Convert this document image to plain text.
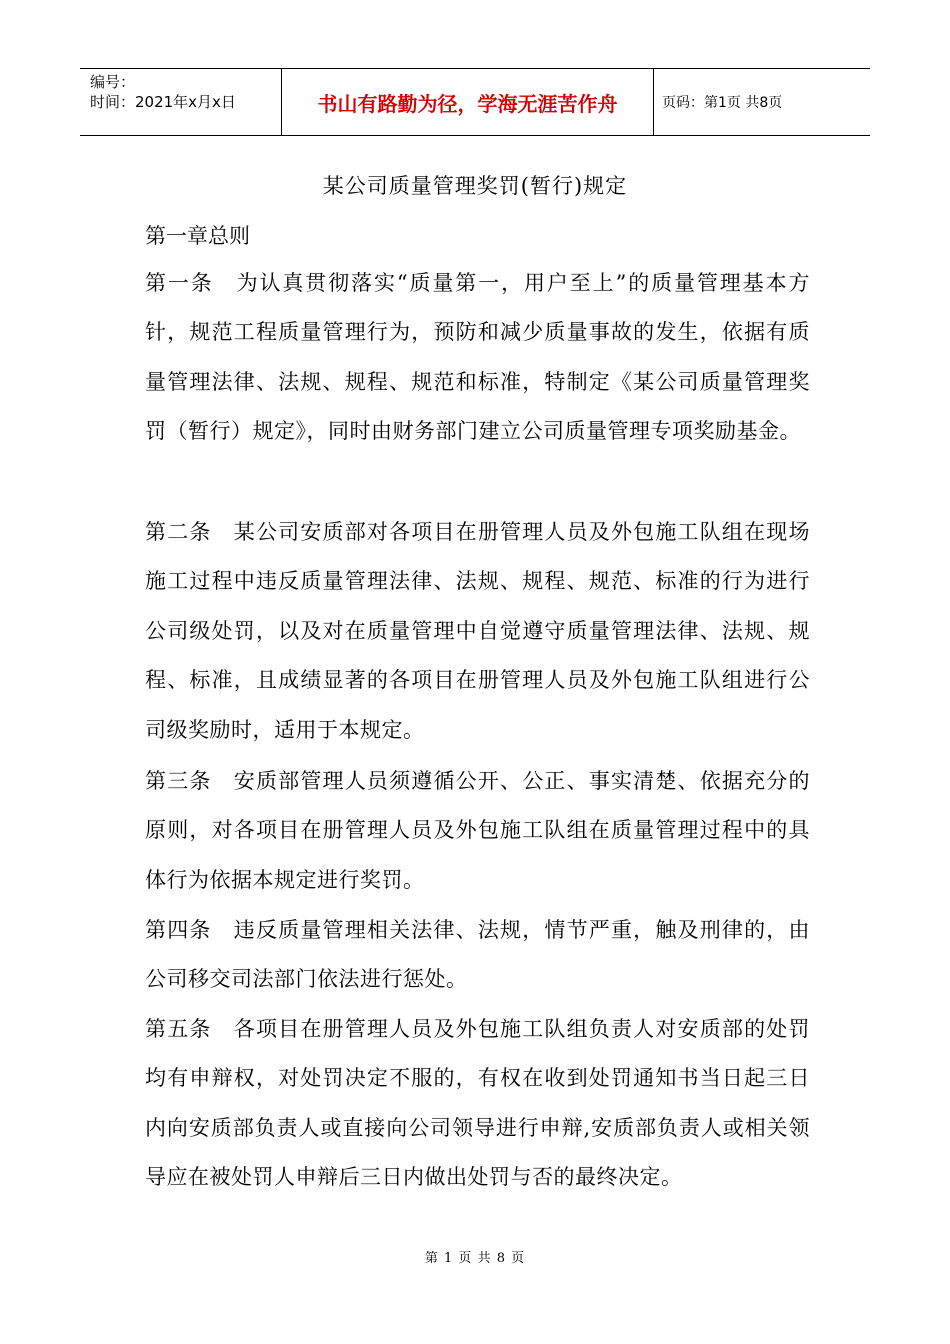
编号：
时间：2021年x月x日	书山有路勤为径，学海无涯苦作舟	页码：第1页 共8页
某公司质量管理奖罚(暂行)规定
第一章总则
第一条　为认真贯彻落实“质量第一，用户至上”的质量管理基本方针，规范工程质量管理行为，预防和减少质量事故的发生，依据有质量管理法律、法规、规程、规范和标准，特制定《某公司质量管理奖罚（暂行）规定》，同时由财务部门建立公司质量管理专项奖励基金。
第二条　某公司安质部对各项目在册管理人员及外包施工队组在现场施工过程中违反质量管理法律、法规、规程、规范、标准的行为进行公司级处罚，以及对在质量管理中自觉遵守质量管理法律、法规、规程、标准，且成绩显著的各项目在册管理人员及外包施工队组进行公司级奖励时，适用于本规定。
第三条　安质部管理人员须遵循公开、公正、事实清楚、依据充分的原则，对各项目在册管理人员及外包施工队组在质量管理过程中的具体行为依据本规定进行奖罚。
第四条　违反质量管理相关法律、法规，情节严重，触及刑律的，由公司移交司法部门依法进行惩处。
第五条　各项目在册管理人员及外包施工队组负责人对安质部的处罚均有申辩权，对处罚决定不服的，有权在收到处罚通知书当日起三日内向安质部负责人或直接向公司领导进行申辩,安质部负责人或相关领导应在被处罚人申辩后三日内做出处罚与否的最终决定。
第 1 页 共 8 页
